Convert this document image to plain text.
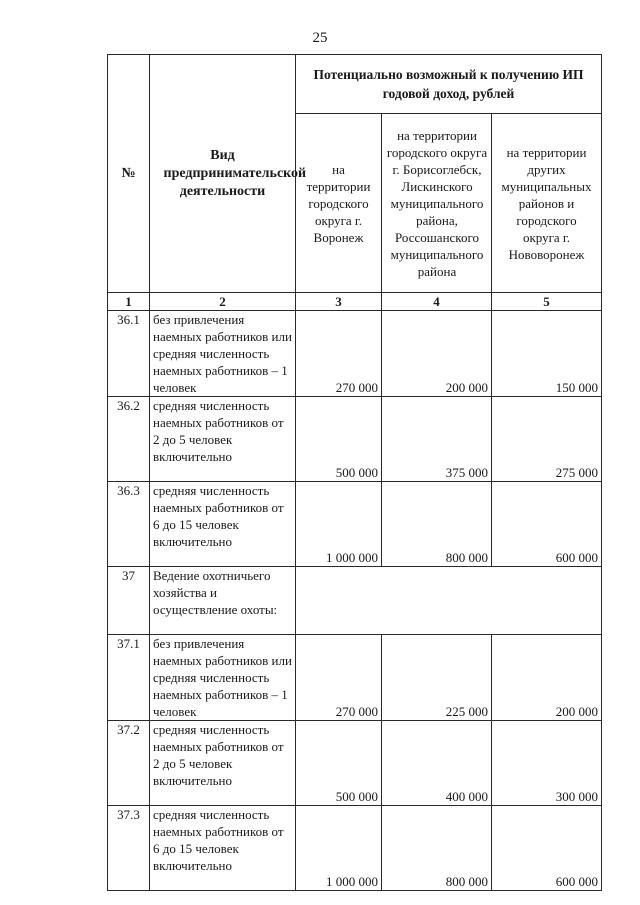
25
№	Вид предпринимательской деятельности	Потенциально возможный к получению ИП годовой доход, рублей		
		на территории городского округа г. Воронеж	на территории городского округа г. Борисоглебск, Лискинского муниципального района, Россошанского муниципального района	на территории других муниципальных районов и городского округа г. Нововоронеж
1	2	3	4	5
36.1	без привлечения наемных работников или средняя численность наемных работников – 1 человек	270 000	200 000	150 000
36.2	средняя численность наемных работников от 2 до 5 человек включительно	500 000	375 000	275 000
36.3	средняя численность наемных работников от 6 до 15 человек включительно	1 000 000	800 000	600 000
37	Ведение охотничьего хозяйства и осуществление охоты:			
37.1	без привлечения наемных работников или средняя численность наемных работников – 1 человек	270 000	225 000	200 000
37.2	средняя численность наемных работников от 2 до 5 человек включительно	500 000	400 000	300 000
37.3	средняя численность наемных работников от 6 до 15 человек включительно	1 000 000	800 000	600 000
